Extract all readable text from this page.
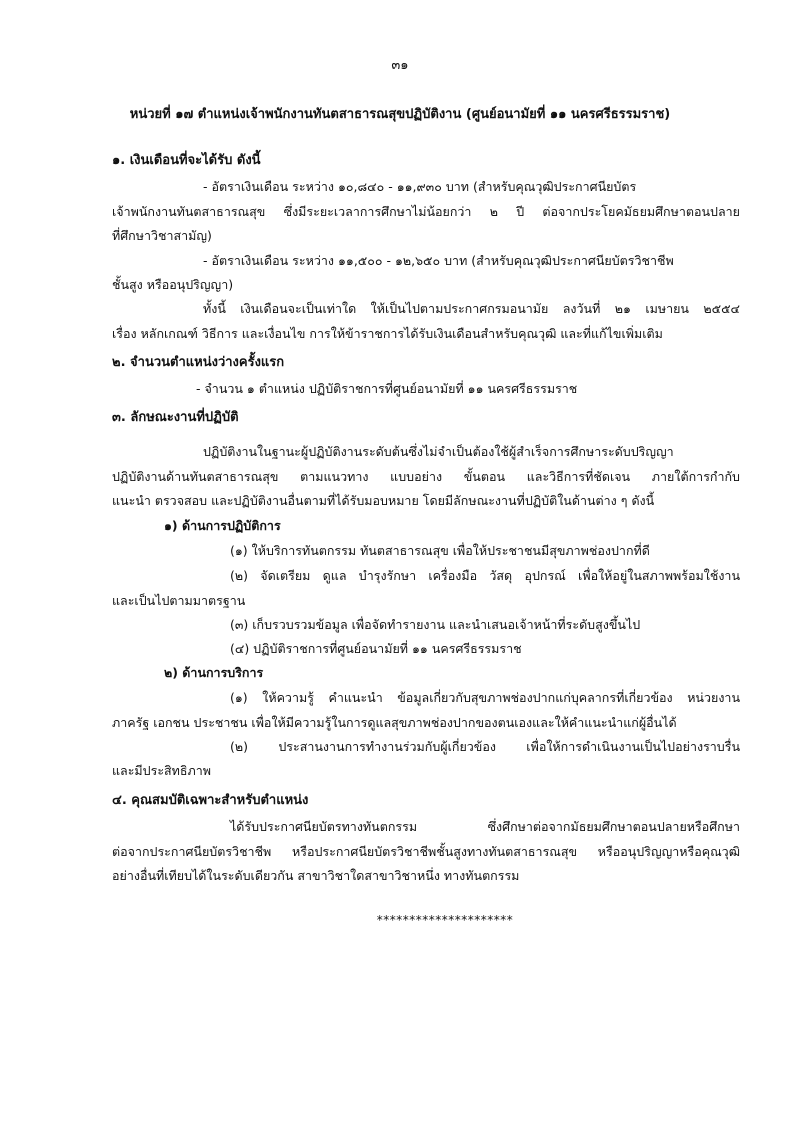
๓๑
หน่วยที่ ๑๗ ตำแหน่งเจ้าพนักงานทันตสาธารณสุขปฏิบัติงาน (ศูนย์อนามัยที่ ๑๑ นครศรีธรรมราช)
๑. เงินเดือนที่จะได้รับ ดังนี้
- อัตราเงินเดือน ระหว่าง ๑๐,๘๔๐ - ๑๑,๙๓๐ บาท (สำหรับคุณวุฒิประกาศนียบัตร
เจ้าพนักงานทันตสาธารณสุข ซึ่งมีระยะเวลาการศึกษาไม่น้อยกว่า ๒ ปี ต่อจากประโยคมัธยมศึกษาตอนปลาย
ที่ศึกษาวิชาสามัญ)
- อัตราเงินเดือน ระหว่าง ๑๑,๕๐๐ - ๑๒,๖๕๐ บาท (สำหรับคุณวุฒิประกาศนียบัตรวิชาชีพ
ชั้นสูง หรืออนุปริญญา)
ทั้งนี้ เงินเดือนจะเป็นเท่าใด ให้เป็นไปตามประกาศกรมอนามัย ลงวันที่ ๒๑ เมษายน ๒๕๕๔
เรื่อง หลักเกณฑ์ วิธีการ และเงื่อนไข การให้ข้าราชการได้รับเงินเดือนสำหรับคุณวุฒิ และที่แก้ไขเพิ่มเติม
๒. จำนวนตำแหน่งว่างครั้งแรก
- จำนวน ๑ ตำแหน่ง ปฏิบัติราชการที่ศูนย์อนามัยที่ ๑๑ นครศรีธรรมราช
๓. ลักษณะงานที่ปฏิบัติ
ปฏิบัติงานในฐานะผู้ปฏิบัติงานระดับต้นซึ่งไม่จำเป็นต้องใช้ผู้สำเร็จการศึกษาระดับปริญญา
ปฏิบัติงานด้านทันตสาธารณสุข ตามแนวทาง แบบอย่าง ขั้นตอน และวิธีการที่ชัดเจน ภายใต้การกำกับ
แนะนำ ตรวจสอบ และปฏิบัติงานอื่นตามที่ได้รับมอบหมาย โดยมีลักษณะงานที่ปฏิบัติในด้านต่าง ๆ ดังนี้
๑) ด้านการปฏิบัติการ
(๑) ให้บริการทันตกรรม ทันตสาธารณสุข เพื่อให้ประชาชนมีสุขภาพช่องปากที่ดี
(๒) จัดเตรียม ดูแล บำรุงรักษา เครื่องมือ วัสดุ อุปกรณ์ เพื่อให้อยู่ในสภาพพร้อมใช้งาน
และเป็นไปตามมาตรฐาน
(๓) เก็บรวบรวมข้อมูล เพื่อจัดทำรายงาน และนำเสนอเจ้าหน้าที่ระดับสูงขึ้นไป
(๔) ปฏิบัติราชการที่ศูนย์อนามัยที่ ๑๑ นครศรีธรรมราช
๒) ด้านการบริการ
(๑) ให้ความรู้ คำแนะนำ ข้อมูลเกี่ยวกับสุขภาพช่องปากแก่บุคลากรที่เกี่ยวข้อง หน่วยงาน
ภาครัฐ เอกชน ประชาชน เพื่อให้มีความรู้ในการดูแลสุขภาพช่องปากของตนเองและให้คำแนะนำแก่ผู้อื่นได้
(๒) ประสานงานการทำงานร่วมกับผู้เกี่ยวข้อง เพื่อให้การดำเนินงานเป็นไปอย่างราบรื่น
และมีประสิทธิภาพ
๔. คุณสมบัติเฉพาะสำหรับตำแหน่ง
ได้รับประกาศนียบัตรทางทันตกรรม ซึ่งศึกษาต่อจากมัธยมศึกษาตอนปลายหรือศึกษา
ต่อจากประกาศนียบัตรวิชาชีพ หรือประกาศนียบัตรวิชาชีพชั้นสูงทางทันตสาธารณสุข หรืออนุปริญญาหรือคุณวุฒิ
อย่างอื่นที่เทียบได้ในระดับเดียวกัน สาขาวิชาใดสาขาวิชาหนึ่ง ทางทันตกรรม
*********************
